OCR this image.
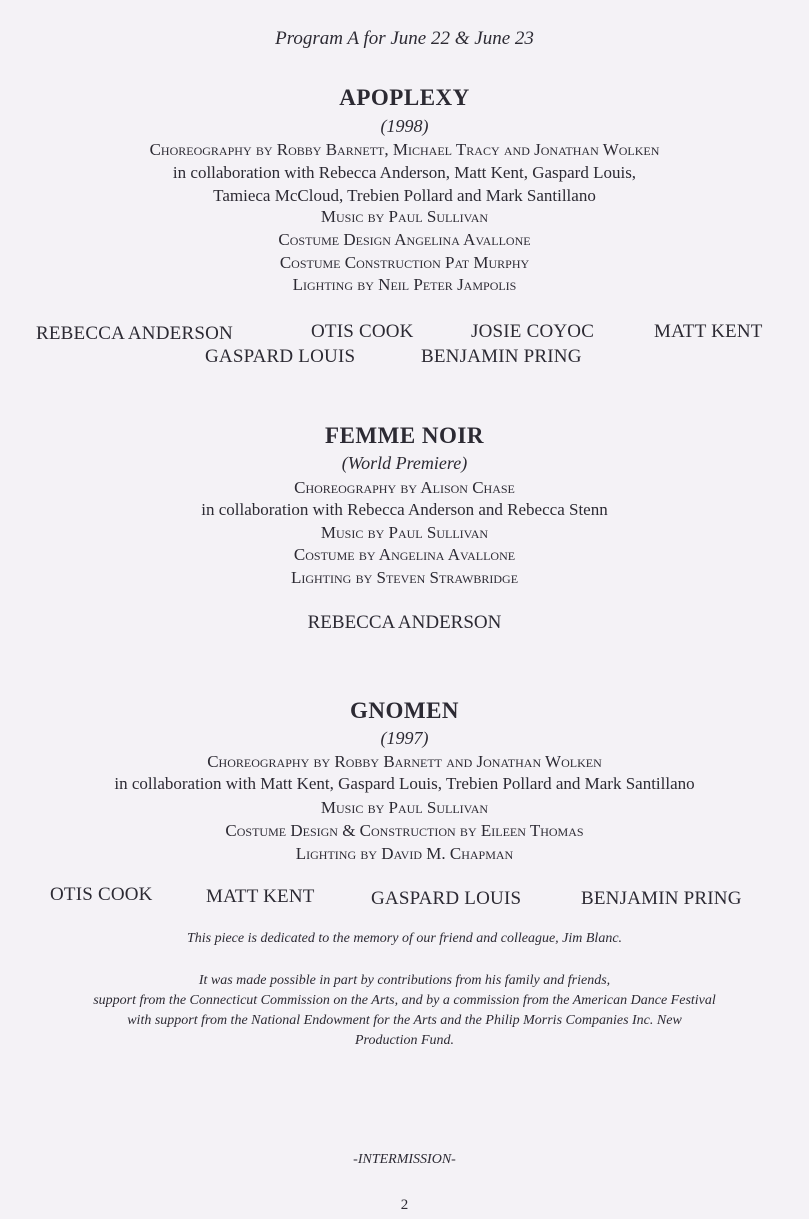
Program A for June 22 & June 23
APOPLEXY
(1998)
Choreography by Robby Barnett, Michael Tracy and Jonathan Wolken
in collaboration with Rebecca Anderson, Matt Kent, Gaspard Louis,
Tamieca McCloud, Trebien Pollard and Mark Santillano
Music by Paul Sullivan
Costume Design Angelina Avallone
Costume Construction Pat Murphy
Lighting by Neil Peter Jampolis
REBECCA ANDERSON	OTIS COOK	JOSIE COYOC	MATT KENT
GASPARD LOUIS	BENJAMIN PRING
FEMME NOIR
(World Premiere)
Choreography by Alison Chase
in collaboration with Rebecca Anderson and Rebecca Stenn
Music by Paul Sullivan
Costume by Angelina Avallone
Lighting by Steven Strawbridge
REBECCA ANDERSON
GNOMEN
(1997)
Choreography by Robby Barnett and Jonathan Wolken
in collaboration with Matt Kent, Gaspard Louis, Trebien Pollard and Mark Santillano
Music by Paul Sullivan
Costume Design & Construction by Eileen Thomas
Lighting by David M. Chapman
OTIS COOK	MATT KENT	GASPARD LOUIS	BENJAMIN PRING
This piece is dedicated to the memory of our friend and colleague, Jim Blanc.
It was made possible in part by contributions from his family and friends,
support from the Connecticut Commission on the Arts, and by a commission from the American Dance Festival
with support from the National Endowment for the Arts and the Philip Morris Companies Inc. New
Production Fund.
-INTERMISSION-
2
